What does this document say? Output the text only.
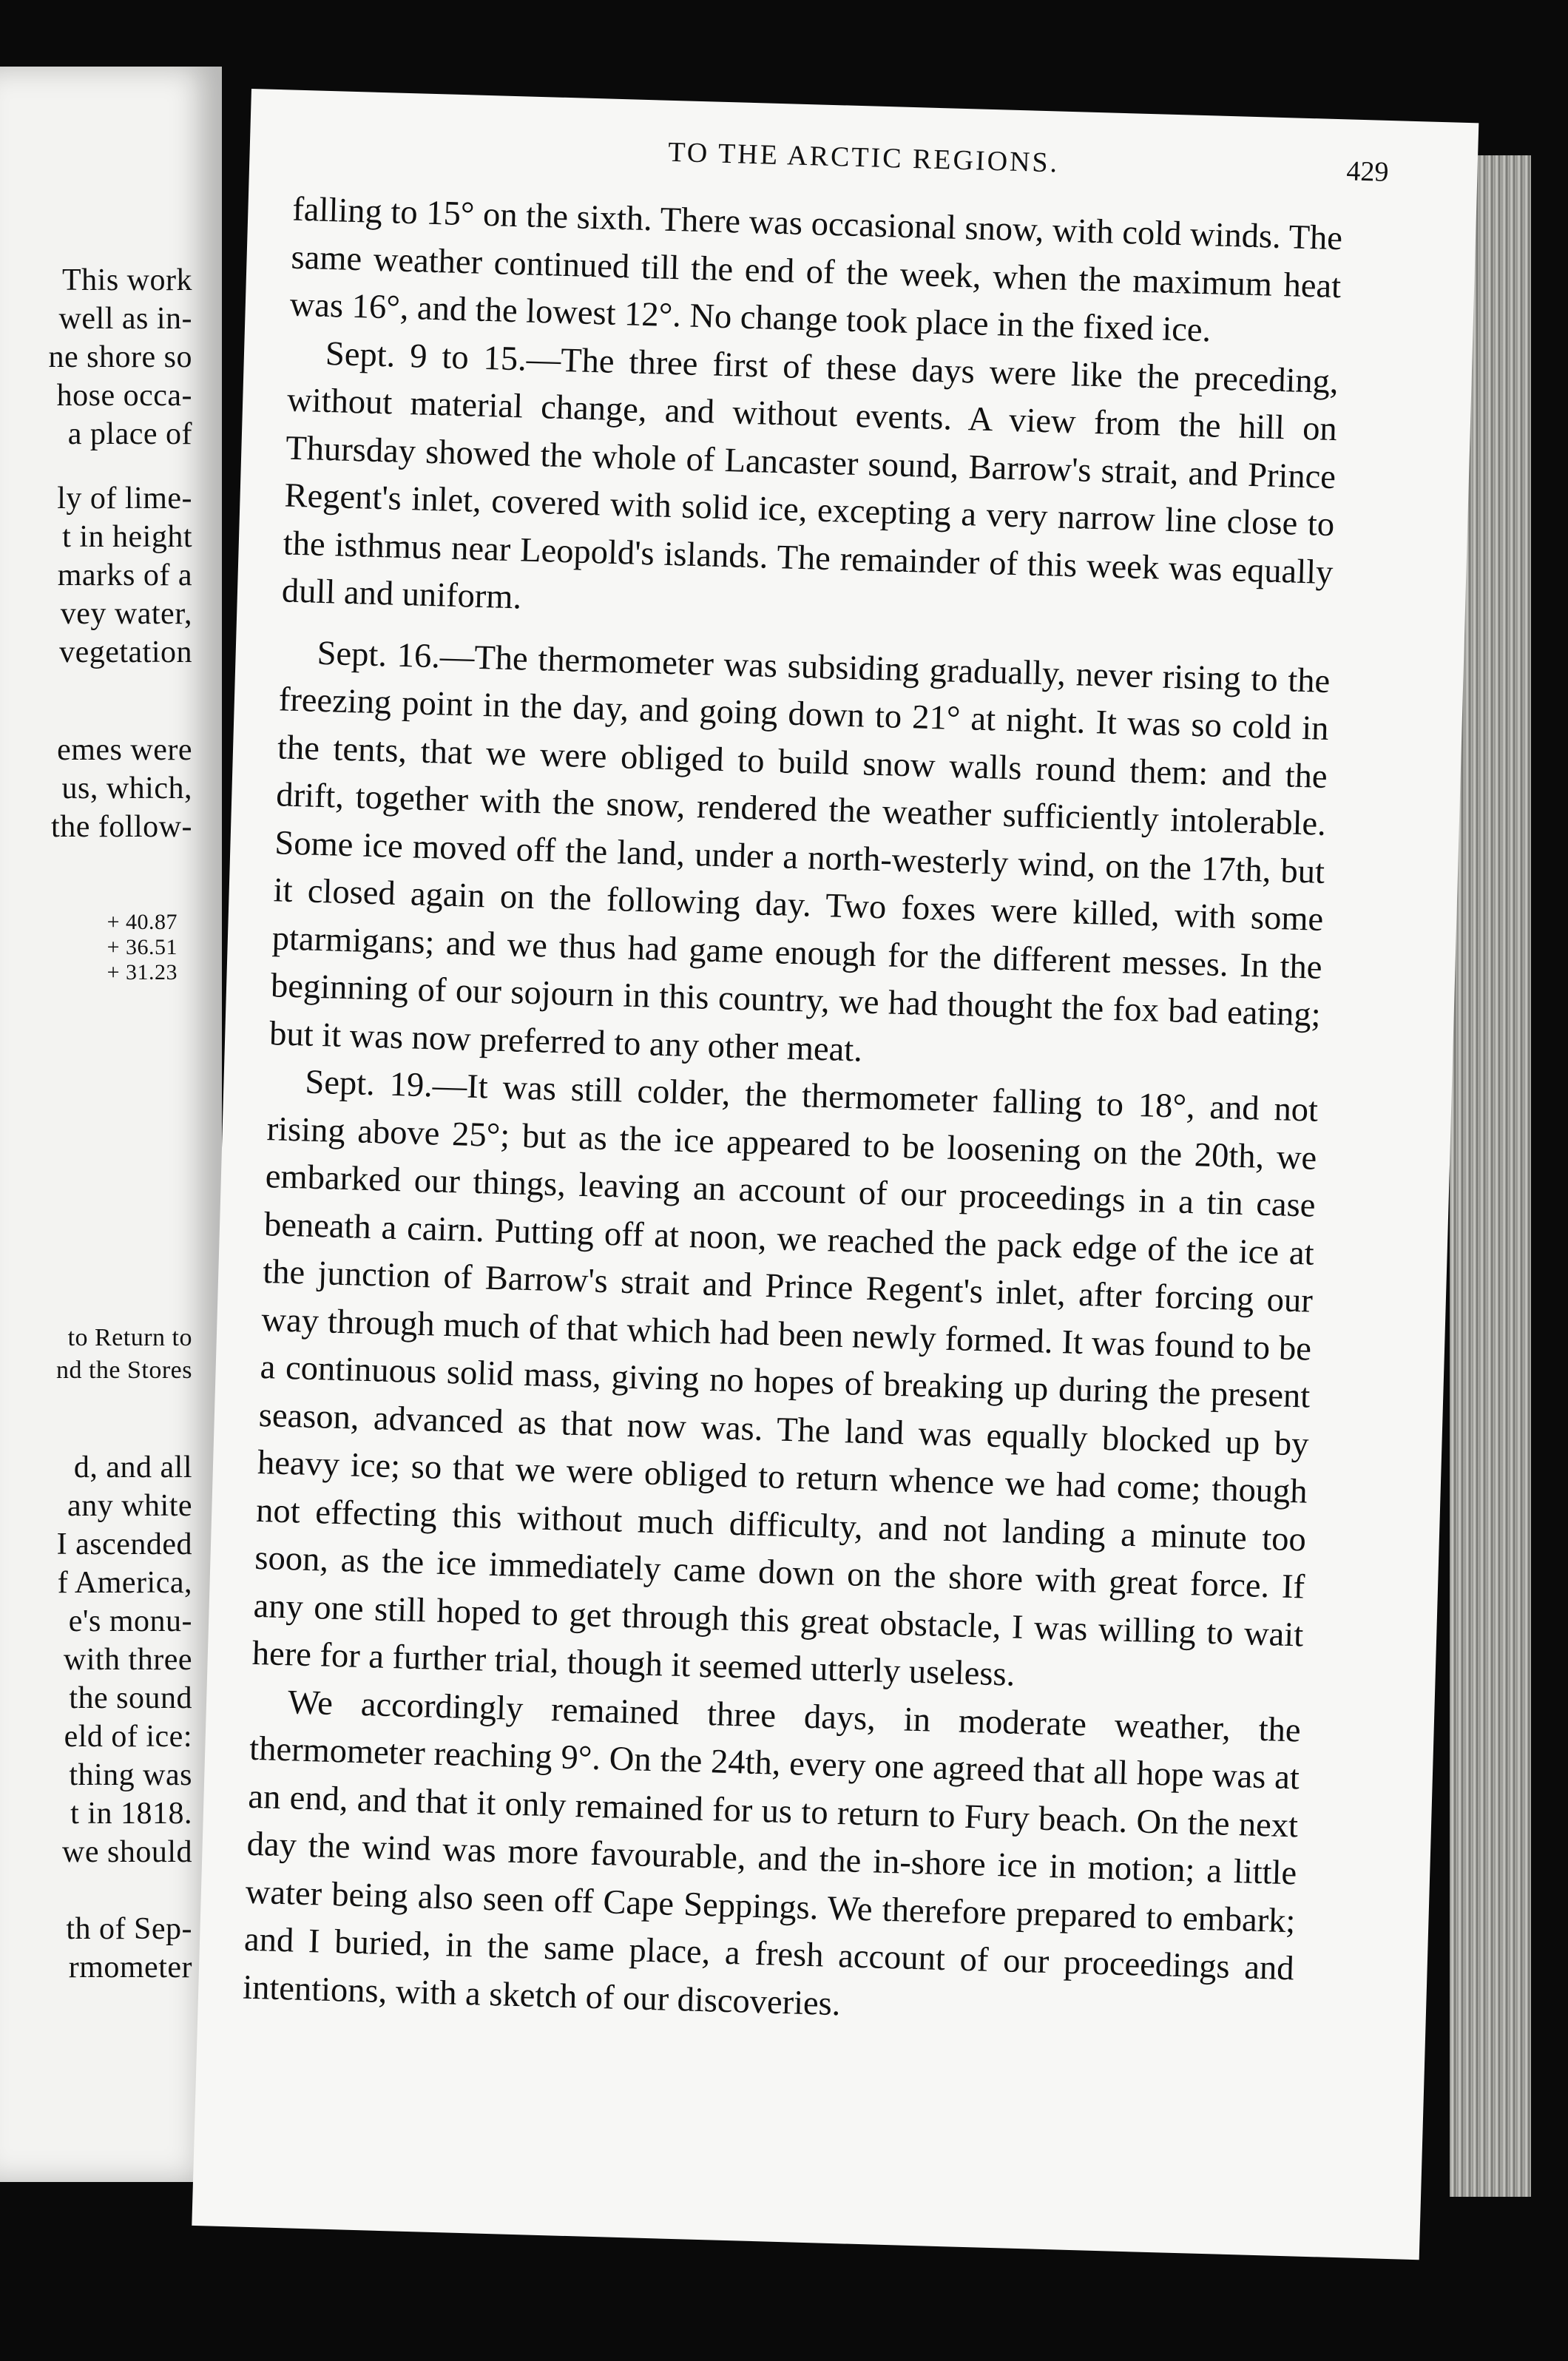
This work
well as in-
ne shore so
hose occa-
a place of
ly of lime-
t in height
marks of a
vey water,
vegetation
emes were
us, which,
the follow-
+ 40.87
+ 36.51
+ 31.23
to Return to
nd the Stores
d, and all
any white
I ascended
f America,
e's monu-
with three
the sound
eld of ice:
thing was
t in 1818.
we should
th of Sep-
rmometer
TO THE ARCTIC REGIONS.	429

falling to 15° on the sixth. There was occasional snow, with cold winds. The same weather continued till the end of the week, when the maximum heat was 16°, and the lowest 12°. No change took place in the fixed ice.

Sept. 9 to 15.—The three first of these days were like the preceding, without material change, and without events. A view from the hill on Thursday showed the whole of Lancaster sound, Barrow's strait, and Prince Regent's inlet, covered with solid ice, excepting a very narrow line close to the isthmus near Leopold's islands. The remainder of this week was equally dull and uniform.

Sept. 16.—The thermometer was subsiding gradually, never rising to the freezing point in the day, and going down to 21° at night. It was so cold in the tents, that we were obliged to build snow walls round them: and the drift, together with the snow, rendered the weather sufficiently intolerable. Some ice moved off the land, under a north-westerly wind, on the 17th, but it closed again on the following day. Two foxes were killed, with some ptarmigans; and we thus had game enough for the different messes. In the beginning of our sojourn in this country, we had thought the fox bad eating; but it was now preferred to any other meat.

Sept. 19.—It was still colder, the thermometer falling to 18°, and not rising above 25°; but as the ice appeared to be loosening on the 20th, we embarked our things, leaving an account of our proceedings in a tin case beneath a cairn. Putting off at noon, we reached the pack edge of the ice at the junction of Barrow's strait and Prince Regent's inlet, after forcing our way through much of that which had been newly formed. It was found to be a continuous solid mass, giving no hopes of breaking up during the present season, advanced as that now was. The land was equally blocked up by heavy ice; so that we were obliged to return whence we had come; though not effecting this without much difficulty, and not landing a minute too soon, as the ice immediately came down on the shore with great force. If any one still hoped to get through this great obstacle, I was willing to wait here for a further trial, though it seemed utterly useless.

We accordingly remained three days, in moderate weather, the thermometer reaching 9°. On the 24th, every one agreed that all hope was at an end, and that it only remained for us to return to Fury beach. On the next day the wind was more favourable, and the in-shore ice in motion; a little water being also seen off Cape Seppings. We therefore prepared to embark; and I buried, in the same place, a fresh account of our proceedings and intentions, with a sketch of our discoveries.
